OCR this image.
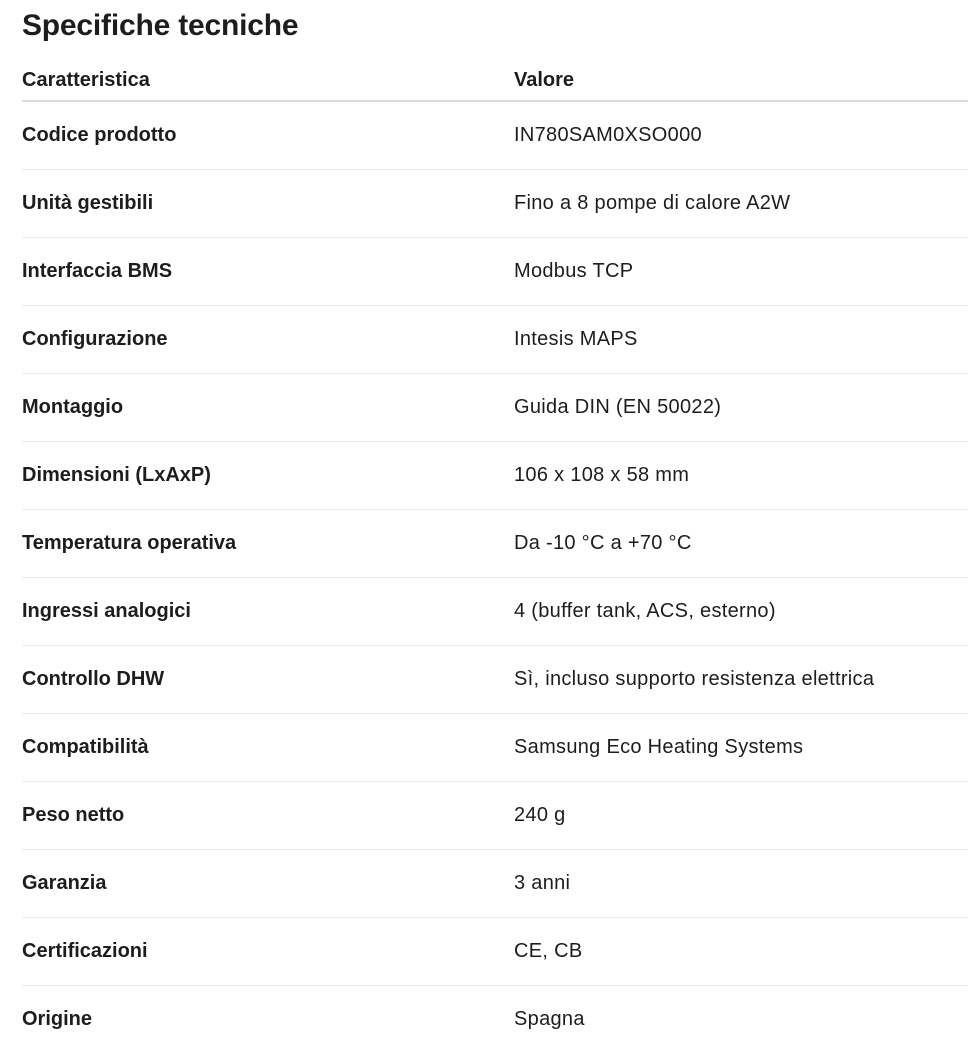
Specifiche tecniche
Caratteristica	Valore
Codice prodotto	IN780SAM0XSO000
Unità gestibili	Fino a 8 pompe di calore A2W
Interfaccia BMS	Modbus TCP
Configurazione	Intesis MAPS
Montaggio	Guida DIN (EN 50022)
Dimensioni (LxAxP)	106 x 108 x 58 mm
Temperatura operativa	Da -10 °C a +70 °C
Ingressi analogici	4 (buffer tank, ACS, esterno)
Controllo DHW	Sì, incluso supporto resistenza elettrica
Compatibilità	Samsung Eco Heating Systems
Peso netto	240 g
Garanzia	3 anni
Certificazioni	CE, CB
Origine	Spagna
